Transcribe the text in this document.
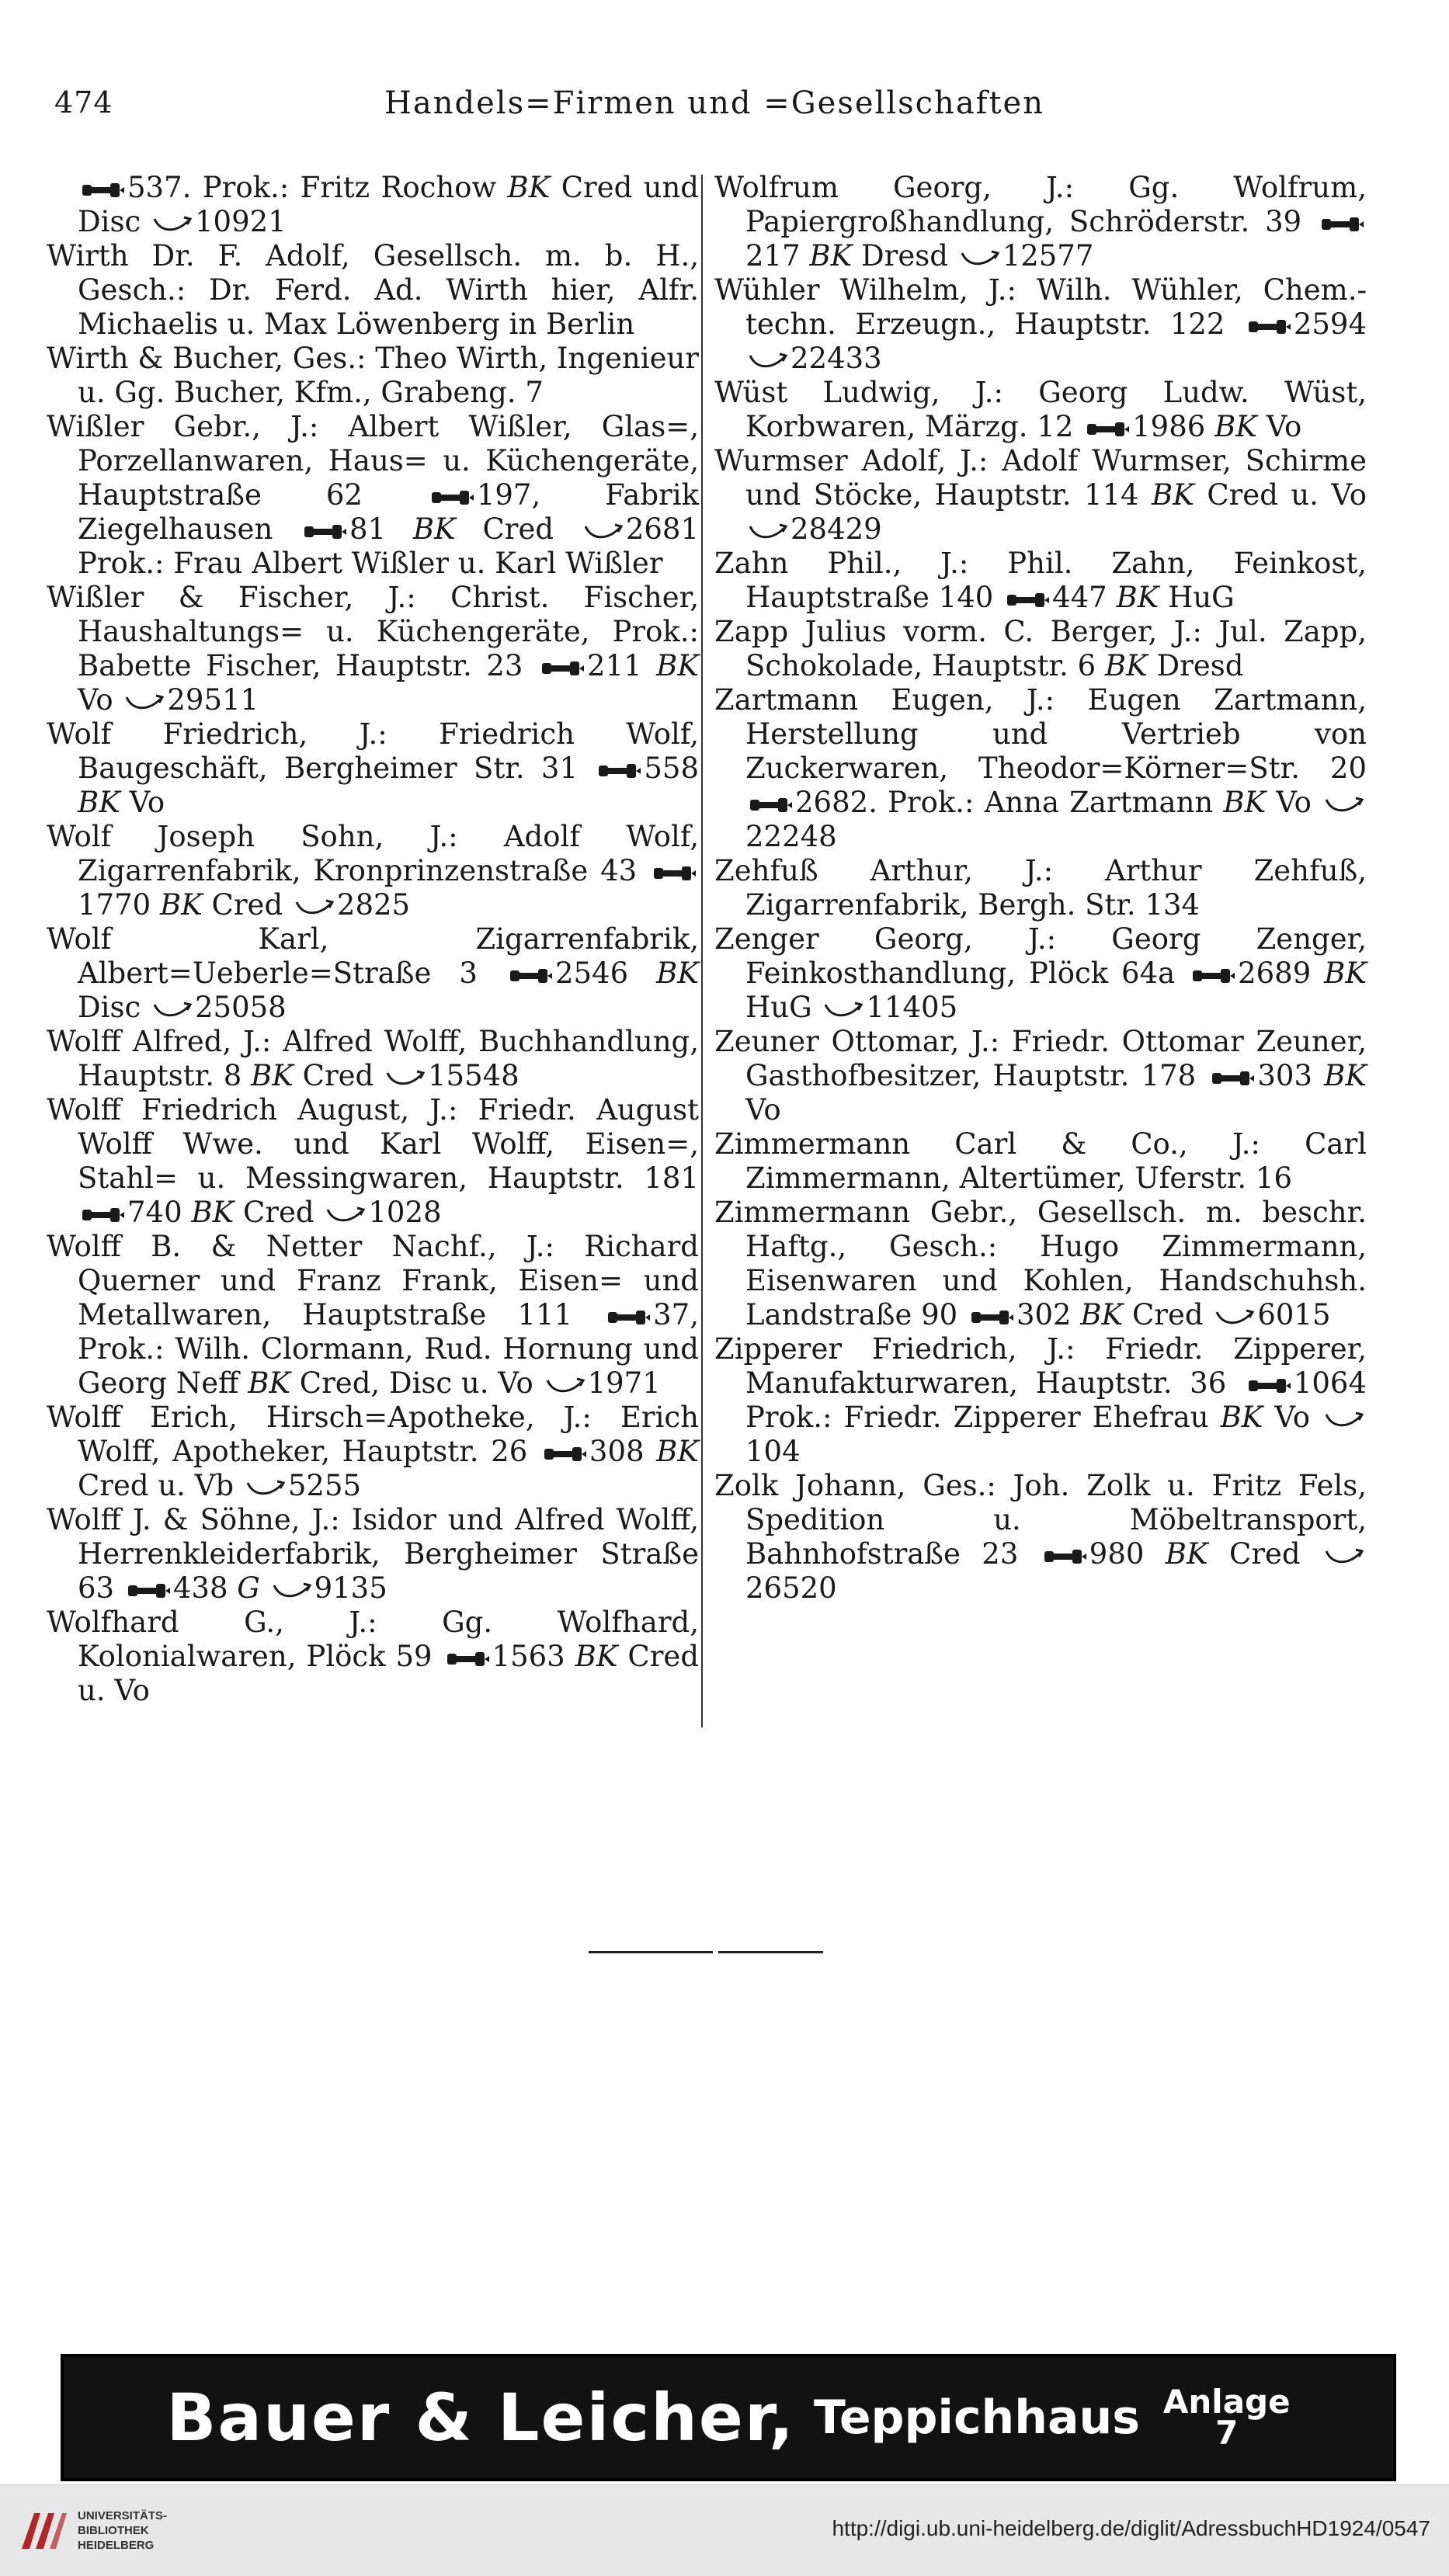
474	Handels=Firmen und =Gesellschaften
537. Prok.: Fritz Rochow BK Cred und Disc 10921
Wirth Dr. F. Adolf, Gesellsch. m. b. H., Gesch.: Dr. Ferd. Ad. Wirth hier, Alfr. Michaelis u. Max Löwenberg in Berlin
Wirth & Bucher, Ges.: Theo Wirth, Ingenieur u. Gg. Bucher, Kfm., Grabeng. 7
Wißler Gebr., J.: Albert Wißler, Glas=, Porzellanwaren, Haus= u. Küchengeräte, Hauptstraße 62	197, Fabrik Ziegelhausen	81 BK Cred	2681 Prok.: Frau Albert Wißler u. Karl Wißler
Wißler & Fischer, J.: Christ. Fischer, Haushaltungs= u. Küchengeräte, Prok.: Babette Fischer, Hauptstr. 23 211 BK Vo 29511
Wolf Friedrich, J.: Friedrich Wolf, Baugeschäft, Bergheimer Str. 31 558 BK Vo
Wolf Joseph Sohn, J.: Adolf Wolf, Zigarrenfabrik, Kronprinzenstraße 43 1770 BK Cred 2825
Wolf Karl, Zigarrenfabrik, Albert=Ueberle=Straße 3	2546 BK Disc 25058
Wolff Alfred, J.: Alfred Wolff, Buchhandlung, Hauptstr. 8 BK Cred 15548
Wolff Friedrich August, J.: Friedr. August Wolff Wwe. und Karl Wolff, Eisen=, Stahl= u. Messingwaren, Hauptstr. 181 740 BK Cred 1028
Wolff B. & Netter Nachf., J.: Richard Querner und Franz Frank, Eisen= und Metallwaren, Hauptstraße 111	37, Prok.: Wilh. Clormann, Rud. Hornung und Georg Neff BK Cred, Disc u. Vo 1971
Wolff Erich, Hirsch=Apotheke, J.: Erich Wolff, Apotheker, Hauptstr. 26 308 BK Cred u. Vb 5255
Wolff J. & Söhne, J.: Isidor und Alfred Wolff, Herrenkleiderfabrik, Bergheimer Straße 63 438 G 9135
Wolfhard G., J.: Gg. Wolfhard, Kolonialwaren, Plöck 59 1563 BK Cred u. Vo
Wolfrum Georg, J.: Gg. Wolfrum, Papiergroßhandlung, Schröderstr. 39 217 BK Dresd 12577
Wühler Wilhelm, J.: Wilh. Wühler, Chem.-techn. Erzeugn., Hauptstr. 122 2594 22433
Wüst Ludwig, J.: Georg Ludw. Wüst, Korbwaren, Märzg. 12 1986 BK Vo
Wurmser Adolf, J.: Adolf Wurmser, Schirme und Stöcke, Hauptstr. 114 BK Cred u. Vo 28429
Zahn Phil., J.: Phil. Zahn, Feinkost, Hauptstraße 140 447 BK HuG
Zapp Julius vorm. C. Berger, J.: Jul. Zapp, Schokolade, Hauptstr. 6 BK Dresd
Zartmann Eugen, J.: Eugen Zartmann, Herstellung und Vertrieb von Zuckerwaren, Theodor=Körner=Str. 20 2682. Prok.: Anna Zartmann BK Vo 22248
Zehfuß Arthur, J.: Arthur Zehfuß, Zigarrenfabrik, Bergh. Str. 134
Zenger Georg, J.: Georg Zenger, Feinkosthandlung, Plöck 64a 2689 BK HuG 11405
Zeuner Ottomar, J.: Friedr. Ottomar Zeuner, Gasthofbesitzer, Hauptstr. 178 303 BK Vo
Zimmermann Carl & Co., J.: Carl Zimmermann, Altertümer, Uferstr. 16
Zimmermann Gebr., Gesellsch. m. beschr. Haftg., Gesch.: Hugo Zimmermann, Eisenwaren und Kohlen, Handschuhsh. Landstraße 90 302 BK Cred 6015
Zipperer Friedrich, J.: Friedr. Zipperer, Manufakturwaren, Hauptstr. 36 1064 Prok.: Friedr. Zipperer Ehefrau BK Vo 104
Zolk Johann, Ges.: Joh. Zolk u. Fritz Fels, Spedition u. Möbeltransport, Bahnhofstraße 23 980 BK Cred 26520
Bauer & Leicher, Teppichhaus Anlage
7
UNIVERSITÄTS-
BIBLIOTHEK
HEIDELBERG
http://digi.ub.uni-heidelberg.de/diglit/AdressbuchHD1924/0547
